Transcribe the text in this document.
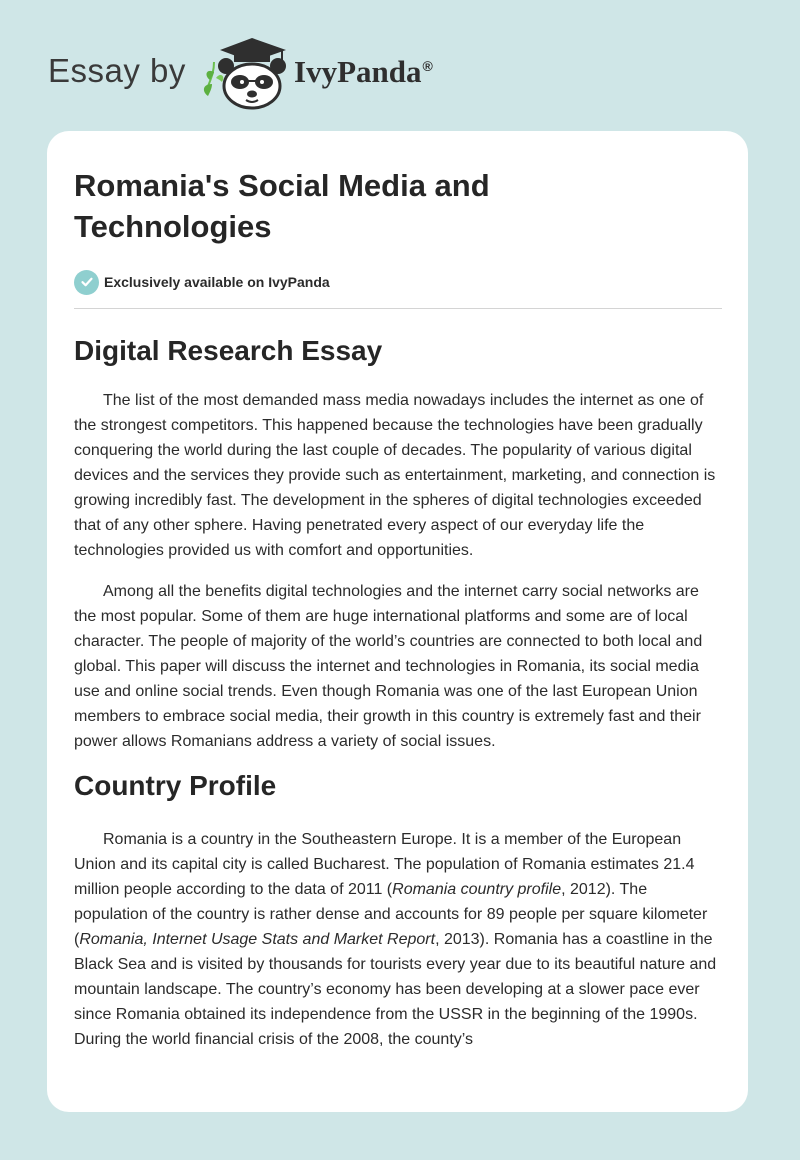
Essay by	IvyPanda®
Romania's Social Media and
Technologies
Exclusively available on IvyPanda
Digital Research Essay

The list of the most demanded mass media nowadays includes the internet as one of the strongest competitors. This happened because the technologies have been gradually conquering the world during the last couple of decades. The popularity of various digital devices and the services they provide such as entertainment, marketing, and connection is growing incredibly fast. The development in the spheres of digital technologies exceeded that of any other sphere. Having penetrated every aspect of our everyday life the technologies provided us with comfort and opportunities.

Among all the benefits digital technologies and the internet carry social networks are the most popular. Some of them are huge international platforms and some are of local character. The people of majority of the world’s countries are connected to both local and global. This paper will discuss the internet and technologies in Romania, its social media use and online social trends. Even though Romania was one of the last European Union members to embrace social media, their growth in this country is extremely fast and their power allows Romanians address a variety of social issues.

Country Profile

Romania is a country in the Southeastern Europe. It is a member of the European Union and its capital city is called Bucharest. The population of Romania estimates 21.4 million people according to the data of 2011 (Romania country profile, 2012). The population of the country is rather dense and accounts for 89 people per square kilometer (Romania, Internet Usage Stats and Market Report, 2013). Romania has a coastline in the Black Sea and is visited by thousands for tourists every year due to its beautiful nature and mountain landscape. The country’s economy has been developing at a slower pace ever since Romania obtained its independence from the USSR in the beginning of the 1990s. During the world financial crisis of the 2008, the county’s
